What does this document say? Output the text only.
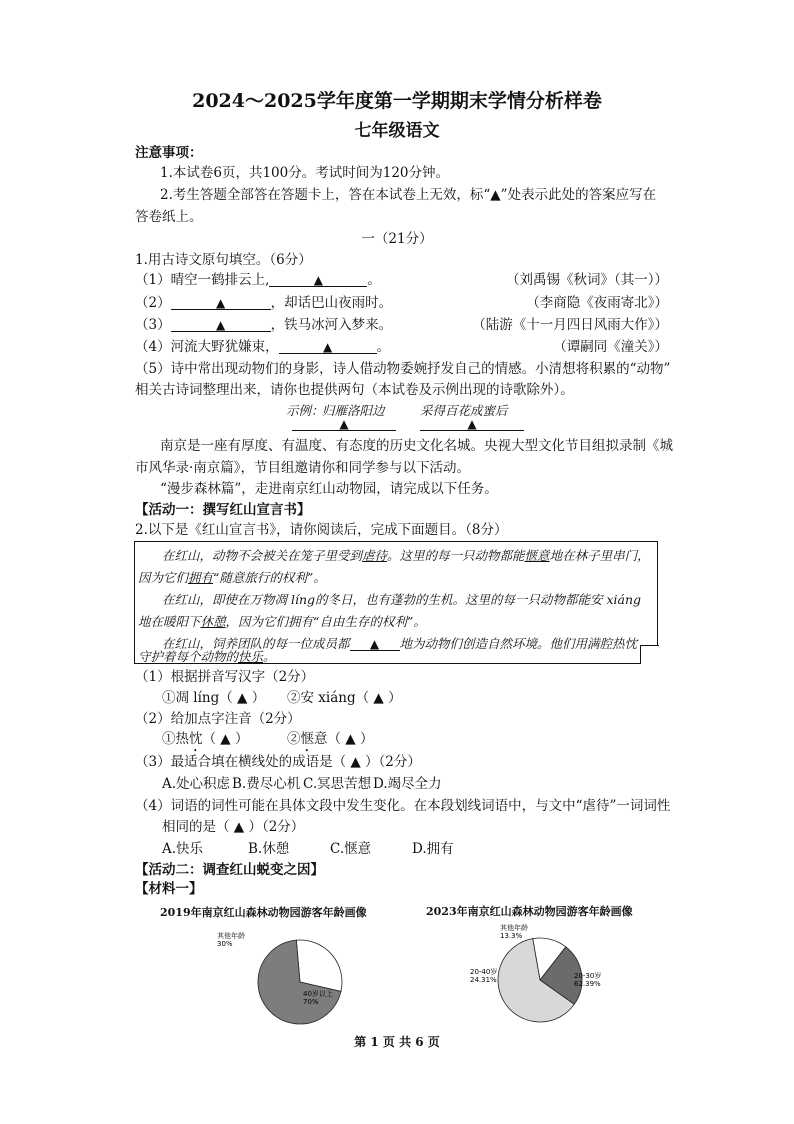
2024～2025学年度第一学期期末学情分析样卷
七年级语文
注意事项：
1.本试卷6页，共100分。考试时间为120分钟。
2.考生答题全部答在答题卡上，答在本试卷上无效，标“▲”处表示此处的答案应写在
答卷纸上。
一（21分）
1.用古诗文原句填空。（6分）
（1）晴空一鹤排云上,	▲	。	（刘禹锡《秋词》（其一））
（2）	▲	，却话巴山夜雨时。	（李商隐《夜雨寄北》）
（3）	▲	，铁马冰河入梦来。	（陆游《十一月四日风雨大作》）
（4）河流大野犹嫌束，	▲	。	（谭嗣同《潼关》）
（5）诗中常出现动物们的身影，诗人借动物委婉抒发自己的情感。小清想将积累的“动物”
相关古诗词整理出来，请你也提供两句（本试卷及示例出现的诗歌除外）。
示例：
归雁洛阳边	采得百花成蜜后
▲	▲
南京是一座有厚度、有温度、有态度的历史文化名城。央视大型文化节目组拟录制《城
市风华录·南京篇》，节目组邀请你和同学参与以下活动。
“漫步森林篇”，走进南京红山动物园，请完成以下任务。
【活动一：撰写红山宣言书】
2.以下是《红山宣言书》，请你阅读后，完成下面题目。（8分）
在红山，动物不会被关在笼子里受到虐待。这里的每一只动物都能惬意地在林子里串门，
因为它们拥有“随意旅行的权利”。
在红山，即使在万物凋 líng的冬日，也有蓬勃的生机。这里的每一只动物都能安 xiáng
地在暖阳下休憩，因为它们拥有“自由生存的权利”。
在红山，饲养团队的每一位成员都 ▲ 地为动物们创造自然环境。他们用满腔热忱
守护着每个动物的快乐。
（1）根据拼音写汉字（2分）
①凋 líng（ ▲ ） ②安 xiáng（ ▲ ）
（2）给加点字注音（2分）
①热忱（ ▲ ）	②惬意（ ▲ ）
（3）最适合填在横线处的成语是（ ▲ ）（2分）
A.处心积虑 B.费尽心机 C.冥思苦想 D.竭尽全力
（4）词语的词性可能在具体文段中发生变化。在本段划线词语中，与文中“虐待”一词词性
相同的是（ ▲ ）（2分）
A.快乐	B.休憩	C.惬意	D.拥有
【活动二：调查红山蜕变之因】
【材料一】
2019年南京红山森林动物园游客年龄画像	2023年南京红山森林动物园游客年龄画像
其他年龄
30%
40岁以上
70%
其他年龄
13.3%
20-40岁
24.31%	20-30岁
62.39%
第 1 页 共 6 页
